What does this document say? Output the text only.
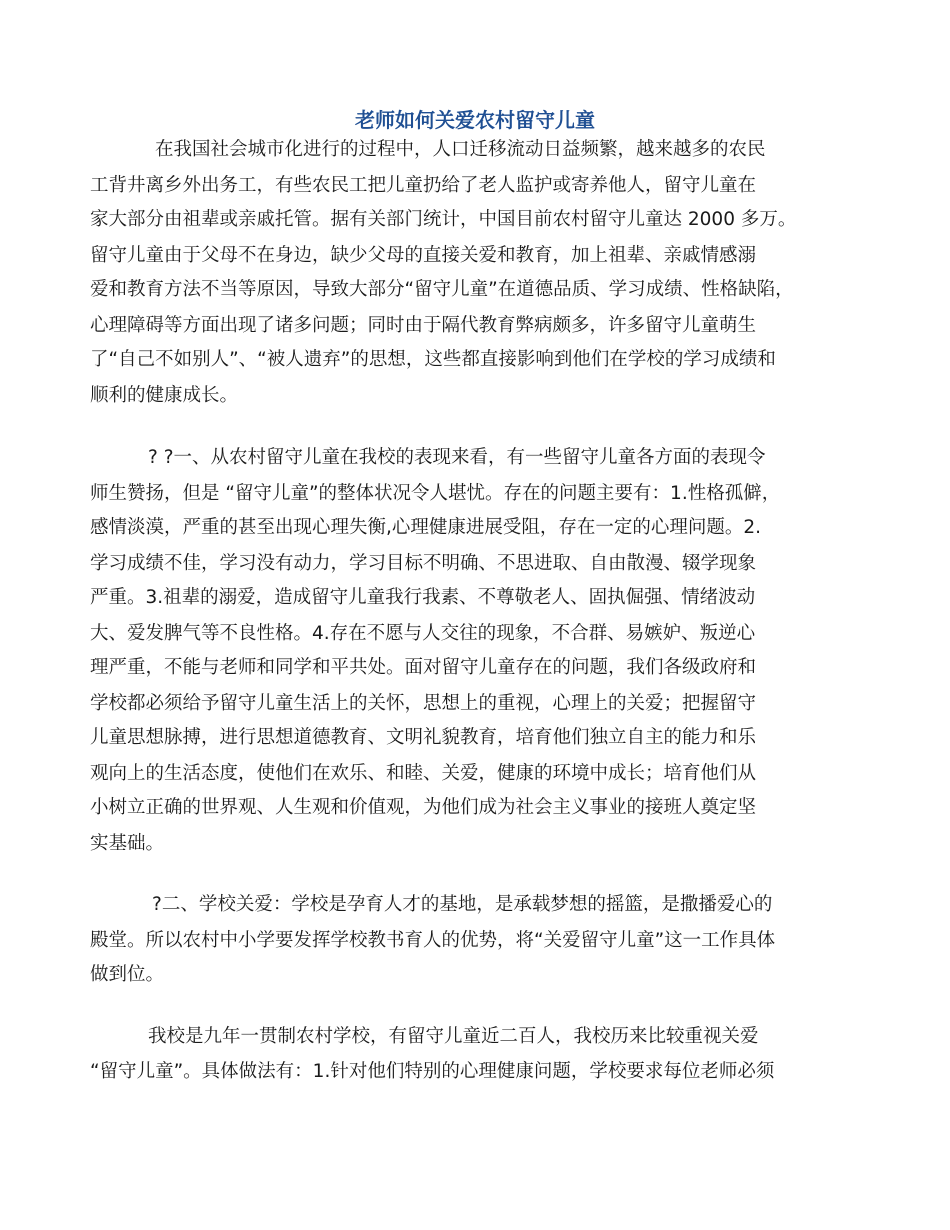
老师如何关爱农村留守儿童
在我国社会城市化进行的过程中，人口迁移流动日益频繁，越来越多的农民
工背井离乡外出务工，有些农民工把儿童扔给了老人监护或寄养他人，留守儿童在
家大部分由祖辈或亲戚托管。据有关部门统计，中国目前农村留守儿童达 2000 多万。
留守儿童由于父母不在身边，缺少父母的直接关爱和教育，加上祖辈、亲戚情感溺
爱和教育方法不当等原因，导致大部分“留守儿童”在道德品质、学习成绩、性格缺陷，
心理障碍等方面出现了诸多问题；同时由于隔代教育弊病颇多，许多留守儿童萌生
了“自己不如别人”、“被人遗弃”的思想，这些都直接影响到他们在学校的学习成绩和
顺利的健康成长。
? ?一、从农村留守儿童在我校的表现来看，有一些留守儿童各方面的表现令
师生赞扬，但是 “留守儿童”的整体状况令人堪忧。存在的问题主要有：1.性格孤僻，
感情淡漠，严重的甚至出现心理失衡,心理健康进展受阻，存在一定的心理问题。2.
学习成绩不佳，学习没有动力，学习目标不明确、不思进取、自由散漫、辍学现象
严重。3.祖辈的溺爱，造成留守儿童我行我素、不尊敬老人、固执倔强、情绪波动
大、爱发脾气等不良性格。4.存在不愿与人交往的现象，不合群、易嫉妒、叛逆心
理严重，不能与老师和同学和平共处。面对留守儿童存在的问题，我们各级政府和
学校都必须给予留守儿童生活上的关怀，思想上的重视，心理上的关爱；把握留守
儿童思想脉搏，进行思想道德教育、文明礼貌教育，培育他们独立自主的能力和乐
观向上的生活态度，使他们在欢乐、和睦、关爱，健康的环境中成长；培育他们从
小树立正确的世界观、人生观和价值观，为他们成为社会主义事业的接班人奠定坚
实基础。
?二、学校关爱：学校是孕育人才的基地，是承载梦想的摇篮，是撒播爱心的
殿堂。所以农村中小学要发挥学校教书育人的优势，将“关爱留守儿童”这一工作具体
做到位。
我校是九年一贯制农村学校，有留守儿童近二百人，我校历来比较重视关爱
“留守儿童”。具体做法有：1.针对他们特别的心理健康问题，学校要求每位老师必须
